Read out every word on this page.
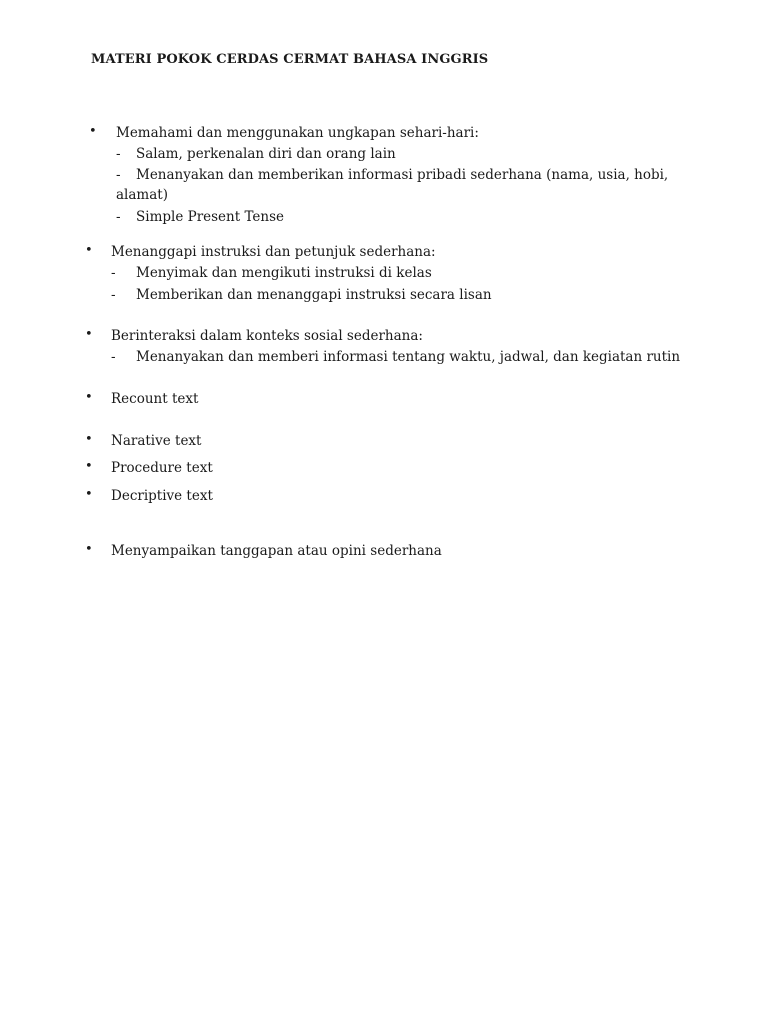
MATERI POKOK CERDAS CERMAT BAHASA INGGRIS
• Memahami dan menggunakan ungkapan sehari-hari:
- Salam, perkenalan diri dan orang lain
- Menanyakan dan memberikan informasi pribadi sederhana (nama, usia, hobi,
alamat)
- Simple Present Tense
• Menanggapi instruksi dan petunjuk sederhana:
- Menyimak dan mengikuti instruksi di kelas
- Memberikan dan menanggapi instruksi secara lisan
• Berinteraksi dalam konteks sosial sederhana:
- Menanyakan dan memberi informasi tentang waktu, jadwal, dan kegiatan rutin
• Recount text
• Narative text
• Procedure text
• Decriptive text
• Menyampaikan tanggapan atau opini sederhana
